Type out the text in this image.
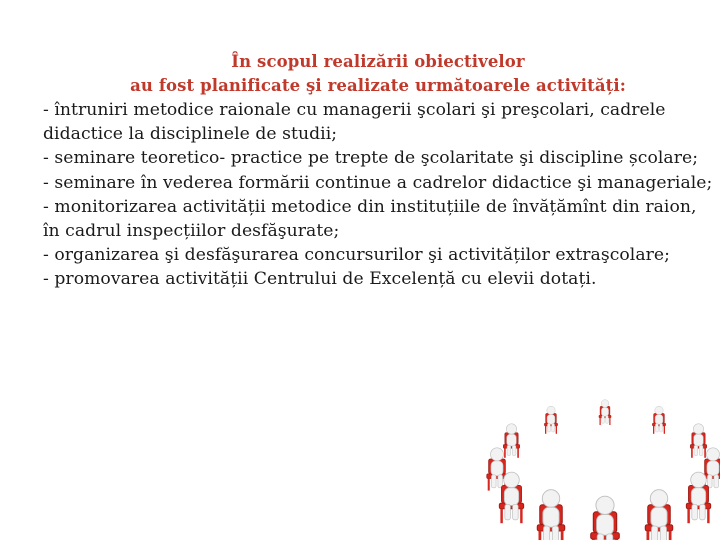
În scopul realizării obiectivelor
au fost planificate şi realizate următoarele activități:
- întruniri metodice raionale cu managerii şcolari şi preşcolari, cadrele didactice la disciplinele de studii;
- seminare teoretico- practice pe trepte de şcolaritate şi discipline școlare;
- seminare în vederea formării continue a cadrelor didactice şi manageriale;
- monitorizarea activității metodice din instituțiile de învățămînt din raion, în cadrul inspecțiilor desfăşurate;
- organizarea şi desfăşurarea concursurilor şi activităților extraşcolare;
- promovarea activității Centrului de Excelență cu elevii dotați.
